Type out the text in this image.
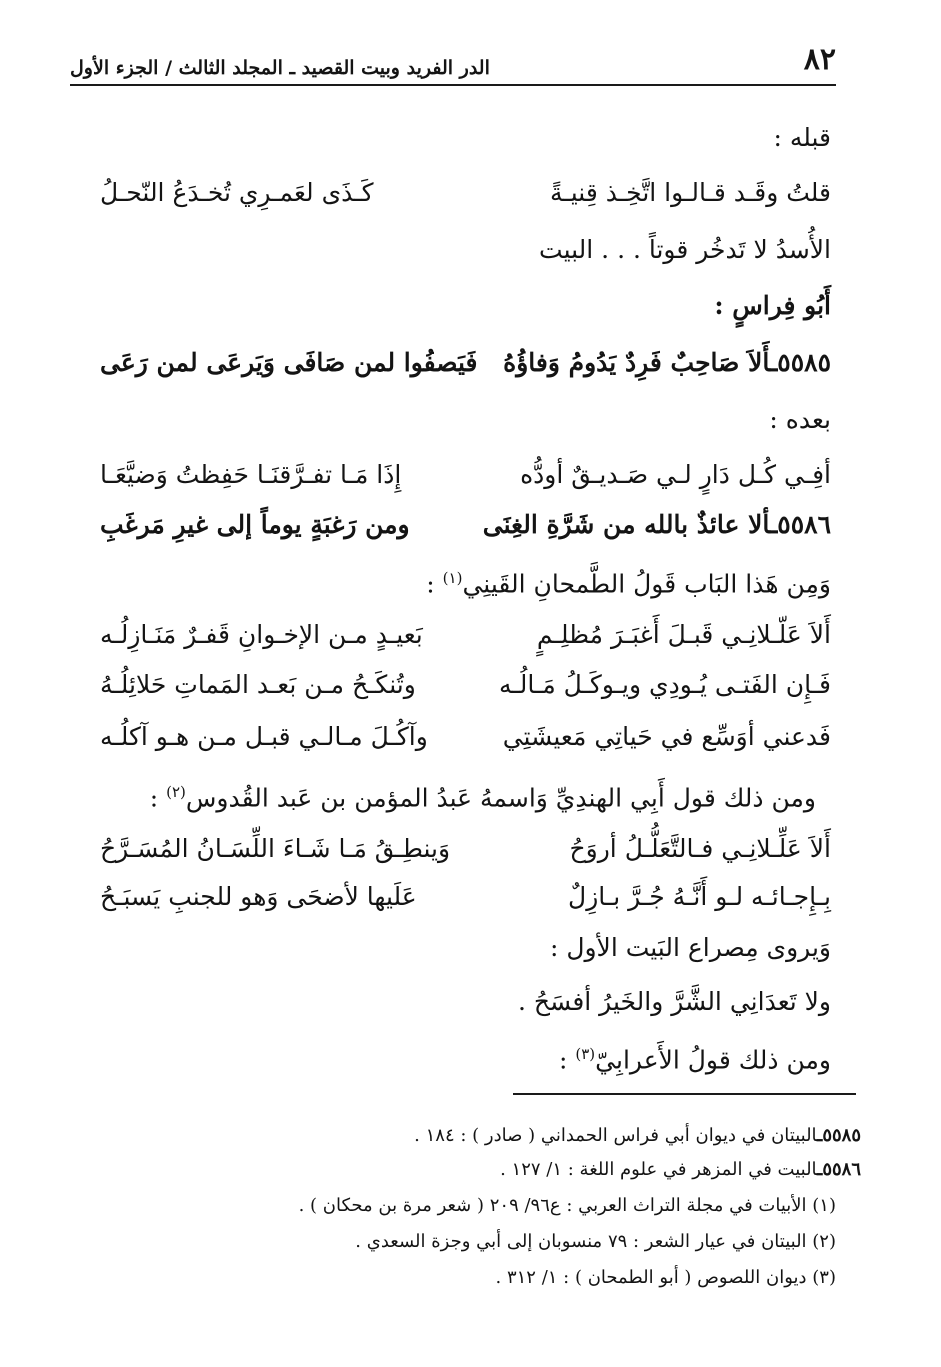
٨٢
الدر الفريد وبيت القصيد ـ المجلد الثالث / الجزء الأول
قبله :
قلتُ وقَـد قـالـوا اتَّخِـذ قِنيـةً
كَـذَى لعَمـرِي تُخـدَعُ النّحـلُ
الأُسدُ لا تَدخُر قوتاً . . . البيت
أَبُو فِراسٍ :
٥٥٨٥ـأَلاَ صَاحِبٌ فَرِدٌ يَدُومُ وَفاؤُهُ
فَيَصفُوا لمن صَافَى وَيَرعَى لمن رَعَى
بعده :
أفِـي كُـل دَارٍ لـي صَـديـقٌ أودُّه
إِذَا مَـا تفـرَّقنَـا حَفِظتُ وَضيَّعَـا
٥٥٨٦ـألا عائذٌ بالله من شَرَّةِ الغِنَى
ومن رَغبَةٍ يوماً إلى غيرِ مَرغَبِ
وَمِن هَذا البَاب قَولُ الطَّمحانِ القَينِي$^{(١)}$ :
أَلاَ عَلّـلانِـي قَبـلَ أَغبَـرَ مُظلِـمٍ
بَعيـدٍ مـن الإخـوانِ قَفـرٌ مَنَـازِلُـه
فَـإِن الفَتـى يُـودِي ويـوكَـلُ مَـالُـه
وتُنكَـحُ مـن بَعـد المَماتِ حَلائِلُـهُ
فَدعني أوَسِّع في حَياتِي مَعيشَتِي
وآكُـلَ مـالـي قبـل مـن هـو آكلُـه
ومن ذلك قول أَبِي الهندِيِّ وَاسمهُ عَبدُ المؤمن بن عَبد القُدوس$^{(٢)}$ :
أَلاَ عَلِّـلانِـي فـالتَّعَلُّـلُ أروَحُ
وَينطِـقُ مَـا شَـاءَ اللِّسَـانُ المُسَـرَّحُ
بِـإِجـائـه لـو أَنَّـهُ جُـرَّ بـازِلٌ
عَلَيها لأضحَى وَهو للجنبِ يَسبَـحُ
وَيروى مِصراع البَيت الأول :
ولا تَعدَانِي الشَّرَّ والخَيرُ أفسَحُ .
ومن ذلك قولُ الأَعرابِيّ$^{(٣)}$ :
٥٥٨٥ـالبيتان في ديوان أبي فراس الحمداني ( صادر ) : ١٨٤ .
٥٥٨٦ـالبيت في المزهر في علوم اللغة : ١/ ١٢٧ .
(١) الأبيات في مجلة التراث العربي : ع٩٦/ ٢٠٩ ( شعر مرة بن محكان ) .
(٢) البيتان في عيار الشعر : ٧٩ منسوبان إلى أبي وجزة السعدي .
(٣) ديوان اللصوص ( أبو الطمحان ) : ١/ ٣١٢ .
